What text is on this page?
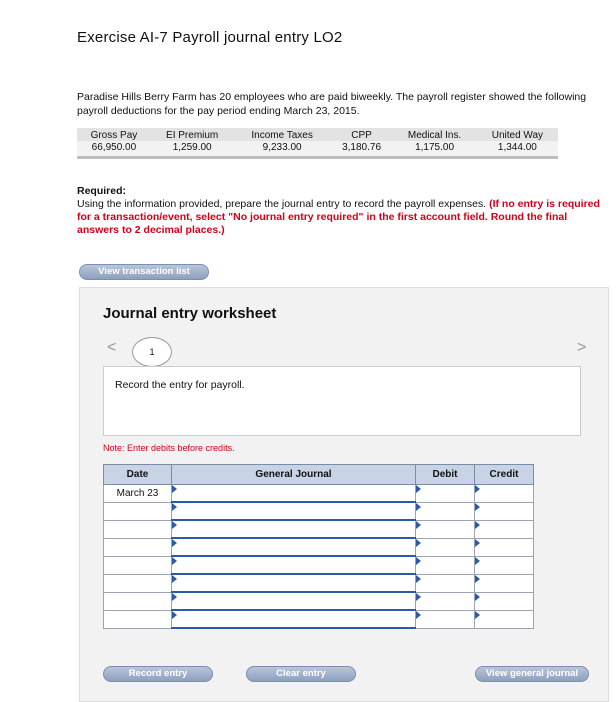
Exercise AI-7 Payroll journal entry LO2
Paradise Hills Berry Farm has 20 employees who are paid biweekly. The payroll register showed the following payroll deductions for the pay period ending March 23, 2015.
Gross Pay	EI Premium	Income Taxes	CPP	Medical Ins.	United Way
66,950.00	1,259.00	9,233.00	3,180.76	1,175.00	1,344.00
Required:
Using the information provided, prepare the journal entry to record the payroll expenses. (If no entry is required for a transaction/event, select "No journal entry required" in the first account field. Round the final answers to 2 decimal places.)
View transaction list
Journal entry worksheet
<	1	>
Record the entry for payroll.
Note: Enter debits before credits.
Date	General Journal	Debit	Credit
March 23			

Record entry	Clear entry	View general journal
